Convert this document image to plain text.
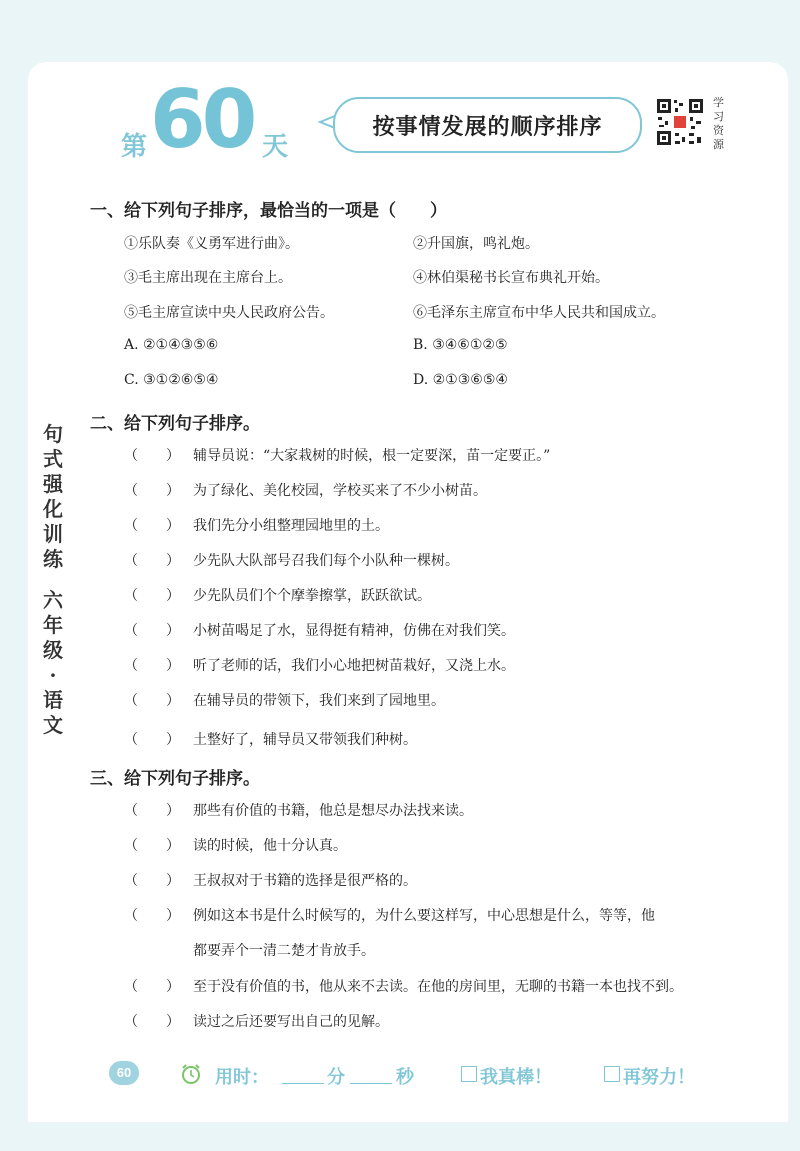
第 60 天
按事情发展的顺序排序
学习资源
句式强化训练
六年级
·
语文
一、给下列句子排序，最恰当的一项是（　　）
①乐队奏《义勇军进行曲》。	②升国旗，鸣礼炮。
③毛主席出现在主席台上。	④林伯渠秘书长宣布典礼开始。
⑤毛主席宣读中央人民政府公告。	⑥毛泽东主席宣布中华人民共和国成立。
A. ②①④③⑤⑥	B. ③④⑥①②⑤
C. ③①②⑥⑤④	D. ②①③⑥⑤④
二、给下列句子排序。
（　　） 辅导员说：“大家栽树的时候，根一定要深，苗一定要正。”
（　　） 为了绿化、美化校园，学校买来了不少小树苗。
（　　） 我们先分小组整理园地里的土。
（　　） 少先队大队部号召我们每个小队种一棵树。
（　　） 少先队员们个个摩拳擦掌，跃跃欲试。
（　　） 小树苗喝足了水，显得挺有精神，仿佛在对我们笑。
（　　） 听了老师的话，我们小心地把树苗栽好，又浇上水。
（　　） 在辅导员的带领下，我们来到了园地里。
（　　） 土整好了，辅导员又带领我们种树。
三、给下列句子排序。
（　　） 那些有价值的书籍，他总是想尽办法找来读。
（　　） 读的时候，他十分认真。
（　　） 王叔叔对于书籍的选择是很严格的。
（　　） 例如这本书是什么时候写的，为什么要这样写，中心思想是什么，等等，他
都要弄个一清二楚才肯放手。
（　　） 至于没有价值的书，他从来不去读。在他的房间里，无聊的书籍一本也找不到。
（　　） 读过之后还要写出自己的见解。
60	用时：	分	秒	我真棒！	再努力！
